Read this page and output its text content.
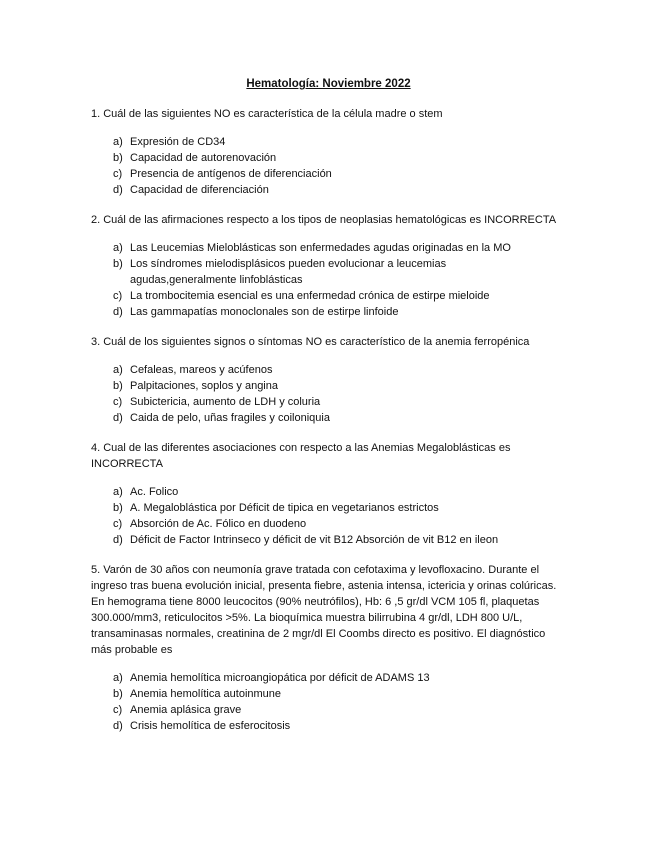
Hematología: Noviembre 2022
1. Cuál de las siguientes NO es característica de la célula madre o stem
a) Expresión de CD34
b) Capacidad de autorenovación
c) Presencia de antígenos de diferenciación
d) Capacidad de diferenciación
2. Cuál de las afirmaciones respecto a los tipos de neoplasias hematológicas es INCORRECTA
a) Las Leucemias Mieloblásticas son enfermedades agudas originadas en la MO
b) Los síndromes mielodisplásicos pueden evolucionar a leucemias agudas,generalmente linfoblásticas
c) La trombocitemia esencial es una enfermedad crónica de estirpe mieloide
d) Las gammapatías monoclonales son de estirpe linfoide
3. Cuál de los siguientes signos o síntomas NO es característico de la anemia ferropénica
a) Cefaleas, mareos y acúfenos
b) Palpitaciones, soplos y angina
c) Subictericia, aumento de LDH y coluria
d) Caida de pelo, uñas fragiles y coiloniquia
4. Cual de las diferentes asociaciones con respecto a las Anemias Megaloblásticas es INCORRECTA
a) Ac. Folico
b) A. Megaloblástica por Déficit de tipica en vegetarianos estrictos
c) Absorción de Ac. Fólico en duodeno
d) Déficit de Factor Intrinseco y déficit de vit B12 Absorción de vit B12 en ileon
5. Varón de 30 años con neumonía grave tratada con cefotaxima y levofloxacino. Durante el ingreso tras buena evolución inicial, presenta fiebre, astenia intensa, ictericia y orinas colúricas. En hemograma tiene 8000 leucocitos (90% neutrófilos), Hb: 6 ,5 gr/dl VCM 105 fl, plaquetas 300.000/mm3, reticulocitos >5%. La bioquímica muestra bilirrubina 4 gr/dl, LDH 800 U/L, transaminasas normales, creatinina de 2 mgr/dl El Coombs directo es positivo. El diagnóstico más probable es
a) Anemia hemolítica microangiopática por déficit de ADAMS 13
b) Anemia hemolítica autoinmune
c) Anemia aplásica grave
d) Crisis hemolítica de esferocitosis
